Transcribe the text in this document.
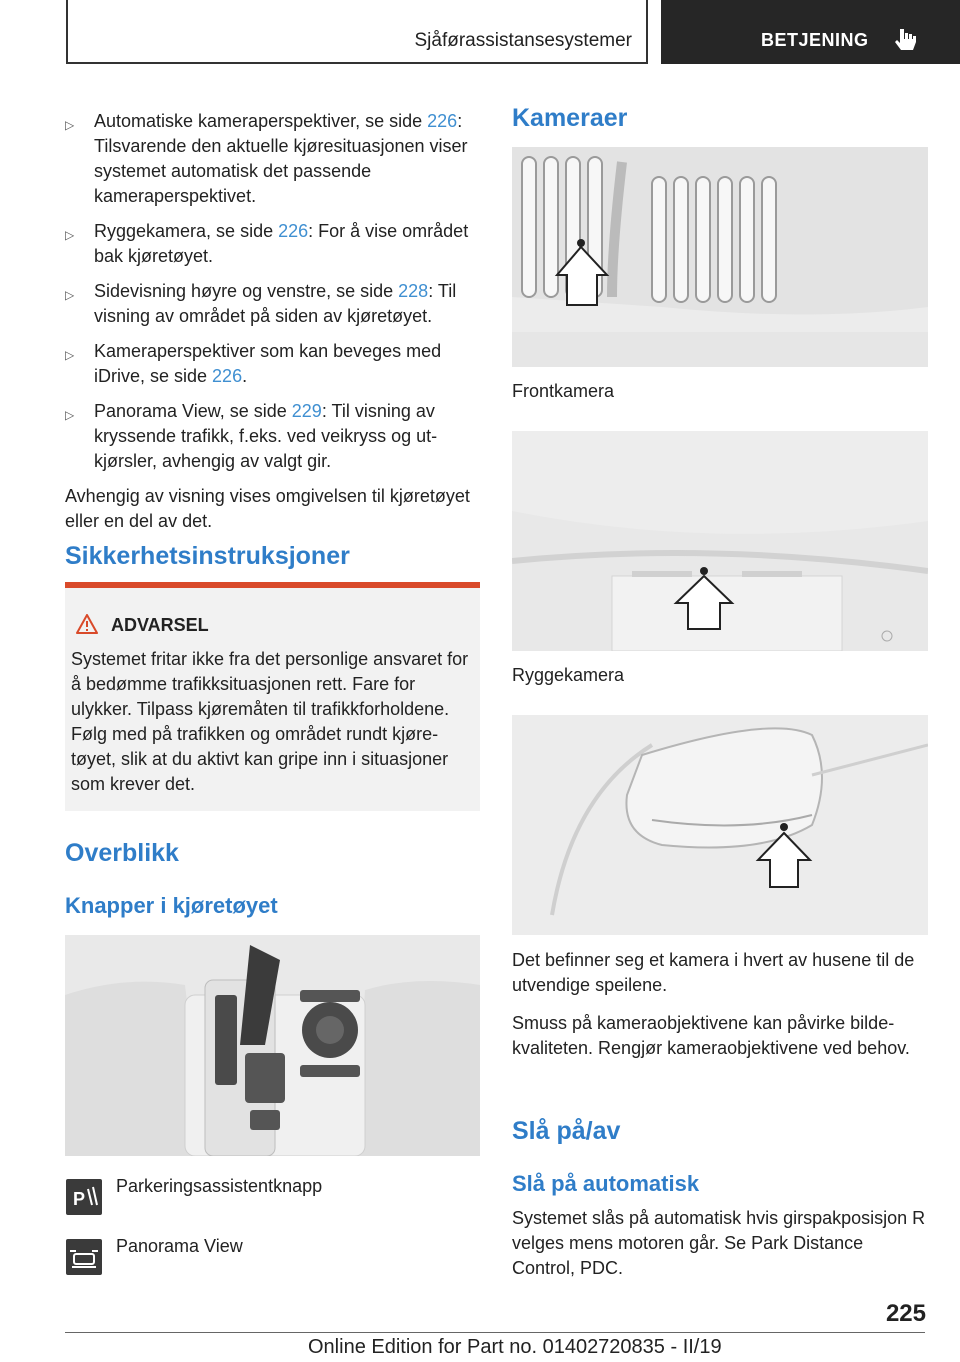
Sjåførassistansesystemer	BETJENING
▷ Automatiske kameraperspektiver, se side 226: Tilsvarende den aktuelle kjøresituasjonen viser systemet automatisk det passende kameraperspektivet.
▷ Ryggekamera, se side 226: For å vise området bak kjøretøyet.
▷ Sidevisning høyre og venstre, se side 228: Til visning av området på siden av kjøretøyet.
▷ Kameraperspektiver som kan beveges med iDrive, se side 226.
▷ Panorama View, se side 229: Til visning av kryssende trafikk, f.eks. ved veikryss og utkjørsler, avhengig av valgt gir.

Avhengig av visning vises omgivelsen til kjøretøyet eller en del av det.

Sikkerhetsinstruksjoner
ADVARSEL
Systemet fritar ikke fra det personlige ansvaret for å bedømme trafikksituasjonen rett. Fare for ulykker. Tilpass kjøremåten til trafikkforholdene. Følg med på trafikken og området rundt kjøretøyet, slik at du aktivt kan gripe inn i situasjoner som krever det.
Overblikk
Knapper i kjøretøyet
P
Parkeringsassistentknapp
Panorama View
Kameraer
Frontkamera
Ryggekamera

Det befinner seg et kamera i hvert av husene til de utvendige speilene.

Smuss på kameraobjektivene kan påvirke bildekvaliteten. Rengjør kameraobjektivene ved behov.

Slå på/av
Slå på automatisk

Systemet slås på automatisk hvis girspakposisjon R velges mens motoren går. Se Park Distance Control, PDC.

225
Online Edition for Part no. 01402720835 - II/19
